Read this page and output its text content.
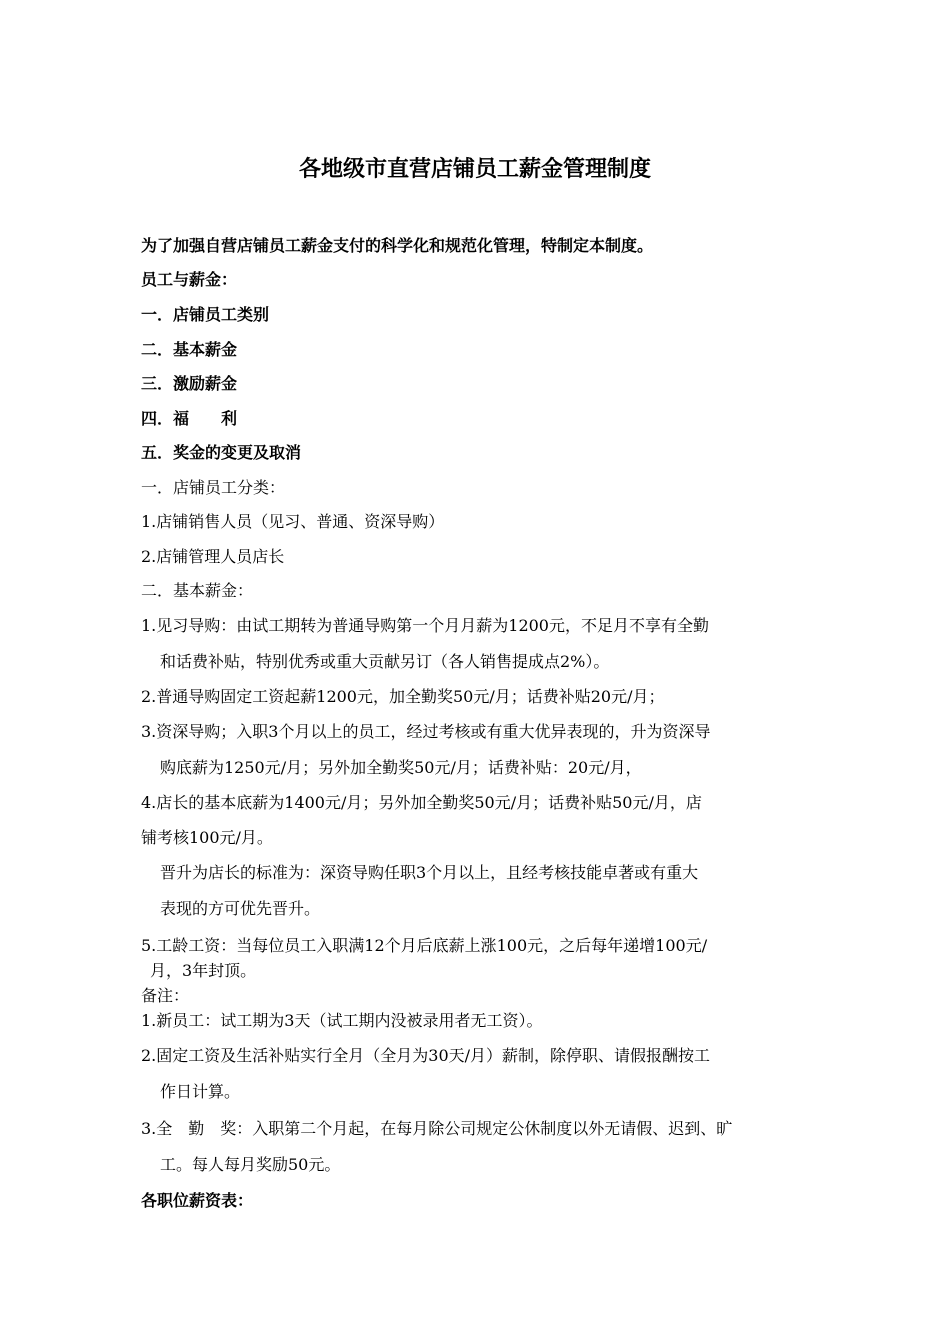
各地级市直营店铺员工薪金管理制度
为了加强自营店铺员工薪金支付的科学化和规范化管理，特制定本制度。
员工与薪金：
一．店铺员工类别
二．基本薪金
三．激励薪金
四．福　　利
五．奖金的变更及取消
一．店铺员工分类：
1.店铺销售人员（见习、普通、资深导购）
2.店铺管理人员店长
二．基本薪金：
1.见习导购：由试工期转为普通导购第一个月月薪为1200元，不足月不享有全勤
和话费补贴，特别优秀或重大贡献另订（各人销售提成点2%）。
2.普通导购固定工资起薪1200元，加全勤奖50元/月；话费补贴20元/月；
3.资深导购；入职3个月以上的员工，经过考核或有重大优异表现的，升为资深导
购底薪为1250元/月；另外加全勤奖50元/月；话费补贴：20元/月，
4.店长的基本底薪为1400元/月；另外加全勤奖50元/月；话费补贴50元/月，店
铺考核100元/月。
晋升为店长的标准为：深资导购任职3个月以上，且经考核技能卓著或有重大
表现的方可优先晋升。
5.工龄工资：当每位员工入职满12个月后底薪上涨100元，之后每年递增100元/
月，3年封顶。
备注：
1.新员工：试工期为3天（试工期内没被录用者无工资）。
2.固定工资及生活补贴实行全月（全月为30天/月）薪制，除停职、请假报酬按工
作日计算。
3.全　勤　奖：入职第二个月起，在每月除公司规定公休制度以外无请假、迟到、旷
工。每人每月奖励50元。
各职位薪资表：
